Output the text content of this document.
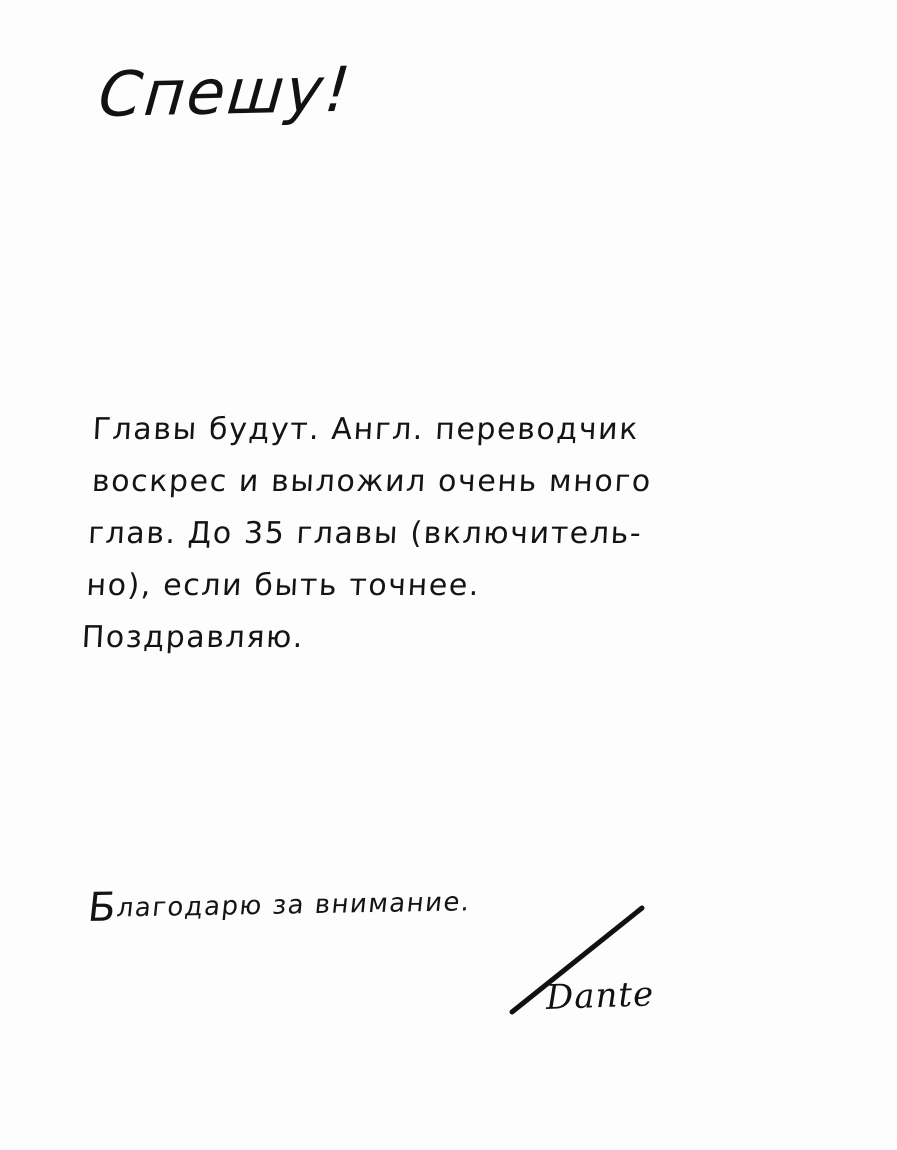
Спешу!
Главы будут. Англ. переводчик
воскрес и выложил очень много
глав. До 35 главы (включитель-
но), если быть точнее.
Поздравляю.
Благодарю за внимание.
Dante
